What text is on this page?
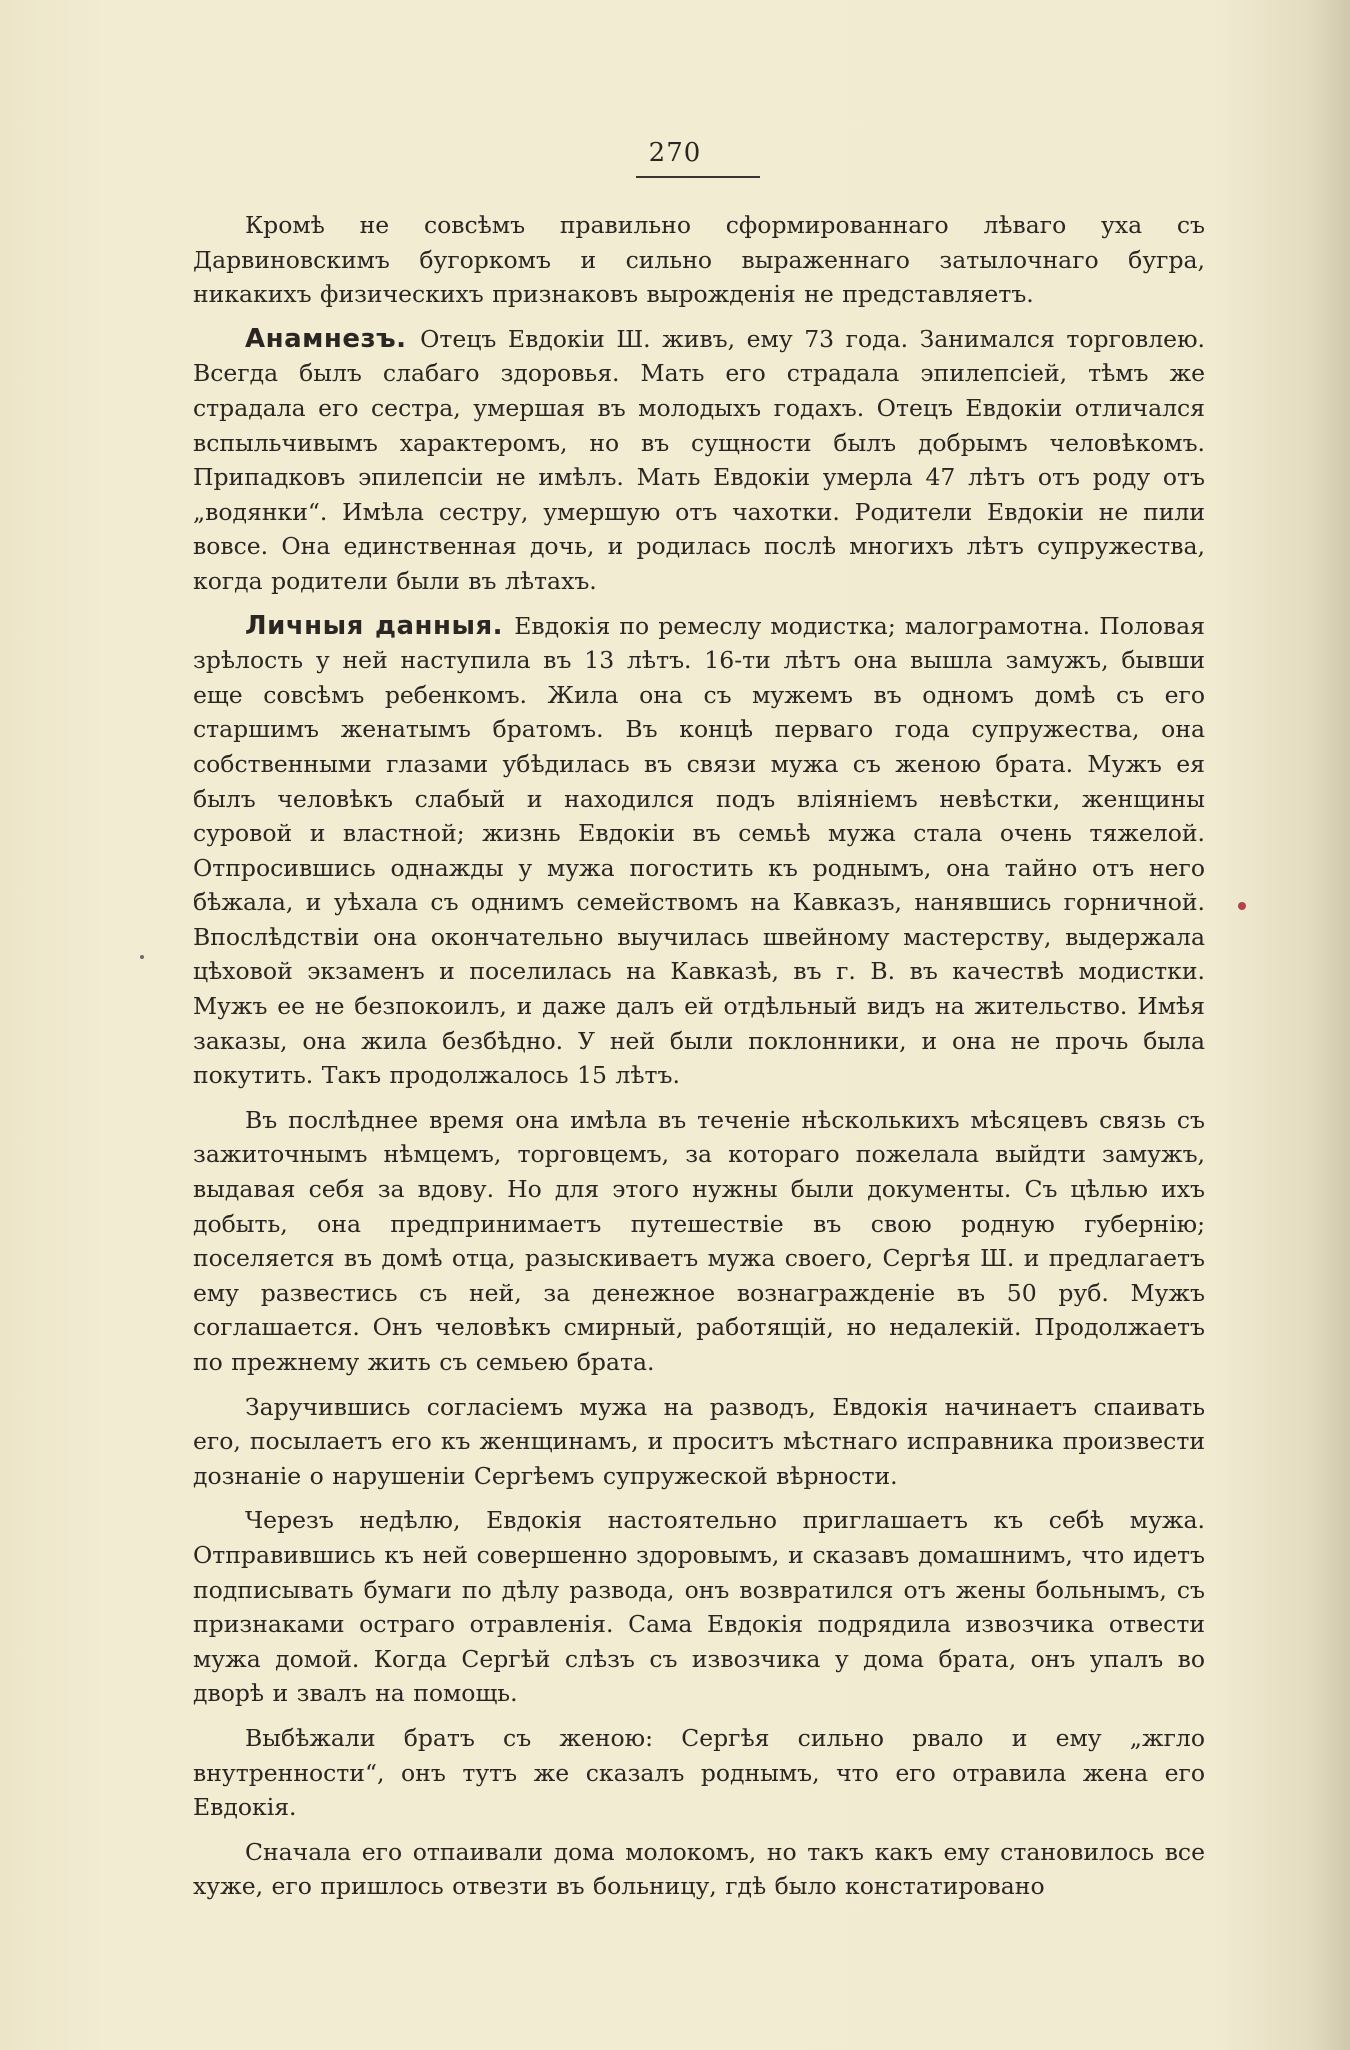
270

Кромѣ не совсѣмъ правильно сформированнаго лѣваго уха съ Дарвиновскимъ бугоркомъ и сильно выраженнаго затылочнаго бугра, никакихъ физическихъ признаковъ вырожденія не представляетъ.

Анамнезъ. Отецъ Евдокіи Ш. живъ, ему 73 года. Занимался торговлею. Всегда былъ слабаго здоровья. Мать его страдала эпилепсіей, тѣмъ же страдала его сестра, умершая въ молодыхъ годахъ. Отецъ Евдокіи отличался вспыльчивымъ характеромъ, но въ сущности былъ добрымъ человѣкомъ. Припадковъ эпилепсіи не имѣлъ. Мать Евдокіи умерла 47 лѣтъ отъ роду отъ „водянки“. Имѣла сестру, умершую отъ чахотки. Родители Евдокіи не пили вовсе. Она единственная дочь, и родилась послѣ многихъ лѣтъ супружества, когда родители были въ лѣтахъ.

Личныя данныя. Евдокія по ремеслу модистка; малограмотна. Половая зрѣлость у ней наступила въ 13 лѣтъ. 16-ти лѣтъ она вышла замужъ, бывши еще совсѣмъ ребенкомъ. Жила она съ мужемъ въ одномъ домѣ съ его старшимъ женатымъ братомъ. Въ концѣ перваго года супружества, она собственными глазами убѣдилась въ связи мужа съ женою брата. Мужъ ея былъ человѣкъ слабый и находился подъ вліяніемъ невѣстки, женщины суровой и властной; жизнь Евдокіи въ семьѣ мужа стала очень тяжелой. Отпросившись однажды у мужа погостить къ роднымъ, она тайно отъ него бѣжала, и уѣхала съ однимъ семействомъ на Кавказъ, нанявшись горничной. Впослѣдствіи она окончательно выучилась швейному мастерству, выдержала цѣховой экзаменъ и поселилась на Кавказѣ, въ г. В. въ качествѣ модистки. Мужъ ее не безпокоилъ, и даже далъ ей отдѣльный видъ на жительство. Имѣя заказы, она жила безбѣдно. У ней были поклонники, и она не прочь была покутить. Такъ продолжалось 15 лѣтъ.

Въ послѣднее время она имѣла въ теченіе нѣсколькихъ мѣсяцевъ связь съ зажиточнымъ нѣмцемъ, торговцемъ, за котораго пожелала выйдти замужъ, выдавая себя за вдову. Но для этого нужны были документы. Съ цѣлью ихъ добыть, она предпринимаетъ путешествіе въ свою родную губернію; поселяется въ домѣ отца, разыскиваетъ мужа своего, Сергѣя Ш. и предлагаетъ ему развестись съ ней, за денежное вознагражденіе въ 50 руб. Мужъ соглашается. Онъ человѣкъ смирный, работящій, но недалекій. Продолжаетъ по прежнему жить съ семьею брата.

Заручившись согласіемъ мужа на разводъ, Евдокія начинаетъ спаивать его, посылаетъ его къ женщинамъ, и проситъ мѣстнаго исправника произвести дознаніе о нарушеніи Сергѣемъ супружеской вѣрности.

Черезъ недѣлю, Евдокія настоятельно приглашаетъ къ себѣ мужа. Отправившись къ ней совершенно здоровымъ, и сказавъ домашнимъ, что идетъ подписывать бумаги по дѣлу развода, онъ возвратился отъ жены больнымъ, съ признаками остраго отравленія. Сама Евдокія подрядила извозчика отвести мужа домой. Когда Сергѣй слѣзъ съ извозчика у дома брата, онъ упалъ во дворѣ и звалъ на помощь.

Выбѣжали братъ съ женою: Сергѣя сильно рвало и ему „жгло внутренности“, онъ тутъ же сказалъ роднымъ, что его отравила жена его Евдокія.

Сначала его отпаивали дома молокомъ, но такъ какъ ему становилось все хуже, его пришлось отвезти въ больницу, гдѣ было констатировано
